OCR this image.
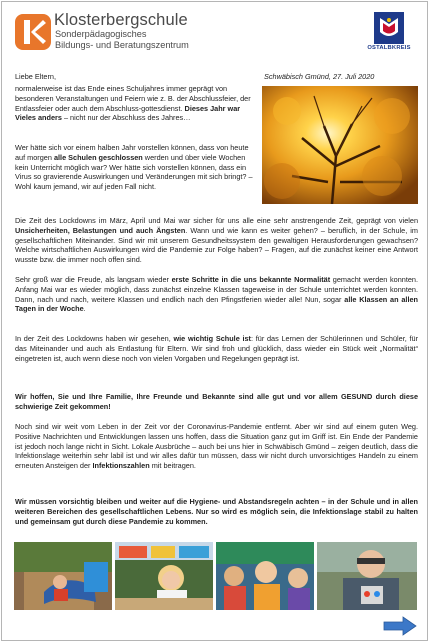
Klosterbergschule
Sonderpädagogisches
Bildungs- und Beratungszentrum	OSTALBKREIS
Liebe Eltern,	Schwäbisch Gmünd, 27. Juli 2020
normalerweise ist das Ende eines Schuljahres immer geprägt von besonderen Veranstaltungen und Feiern wie z. B. der Abschlussfeier, der Entlassfeier oder auch dem Abschluss-gottesdienst. Dieses Jahr war Vieles anders – nicht nur der Abschluss des Jahres…
Wer hätte sich vor einem halben Jahr vorstellen können, dass von heute auf morgen alle Schulen geschlossen werden und über viele Wochen kein Unterricht möglich war? Wer hätte sich vorstellen können, dass ein Virus so gravierende Auswirkungen und Veränderungen mit sich bringt? – Wohl kaum jemand, wir auf jeden Fall nicht.
Die Zeit des Lockdowns im März, April und Mai war sicher für uns alle eine sehr anstrengende Zeit, geprägt von vielen Unsicherheiten, Belastungen und auch Ängsten. Wann und wie kann es weiter gehen? – beruflich, in der Schule, im gesellschaftlichen Miteinander. Sind wir mit unserem Gesundheitssystem den gewaltigen Herausforderungen gewachsen? Welche wirtschaftlichen Auswirkungen wird die Pandemie zur Folge haben? – Fragen, auf die zunächst keiner eine Antwort wusste bzw. die immer noch offen sind.
Sehr groß war die Freude, als langsam wieder erste Schritte in die uns bekannte Normalität gemacht werden konnten. Anfang Mai war es wieder möglich, dass zunächst einzelne Klassen tageweise in der Schule unterrichtet werden konnten. Dann, nach und nach, weitere Klassen und endlich nach den Pfingstferien wieder alle! Nun, sogar alle Klassen an allen Tagen in der Woche.
In der Zeit des Lockdowns haben wir gesehen, wie wichtig Schule ist: für das Lernen der Schülerinnen und Schüler, für das Miteinander und auch als Entlastung für Eltern. Wir sind froh und glücklich, dass wieder ein Stück weit „Normalität“ eingetreten ist, auch wenn diese noch von vielen Vorgaben und Regelungen geprägt ist.
Wir hoffen, Sie und Ihre Familie, Ihre Freunde und Bekannte sind alle gut und vor allem GESUND durch diese schwierige Zeit gekommen!
Noch sind wir weit vom Leben in der Zeit vor der Coronavirus-Pandemie entfernt. Aber wir sind auf einem guten Weg. Positive Nachrichten und Entwicklungen lassen uns hoffen, dass die Situation ganz gut im Griff ist. Ein Ende der Pandemie ist jedoch noch lange nicht in Sicht. Lokale Ausbrüche – auch bei uns hier in Schwäbisch Gmünd – zeigen deutlich, dass die Infektionslage weiterhin sehr labil ist und wir alles dafür tun müssen, dass wir nicht durch unvorsichtiges Handeln zu einem erneuten Ansteigen der Infektionszahlen mit beitragen.
Wir müssen vorsichtig bleiben und weiter auf die Hygiene- und Abstandsregeln achten – in der Schule und in allen weiteren Bereichen des gesellschaftlichen Lebens. Nur so wird es möglich sein, die Infektionslage stabil zu halten und gemeinsam gut durch diese Pandemie zu kommen.
